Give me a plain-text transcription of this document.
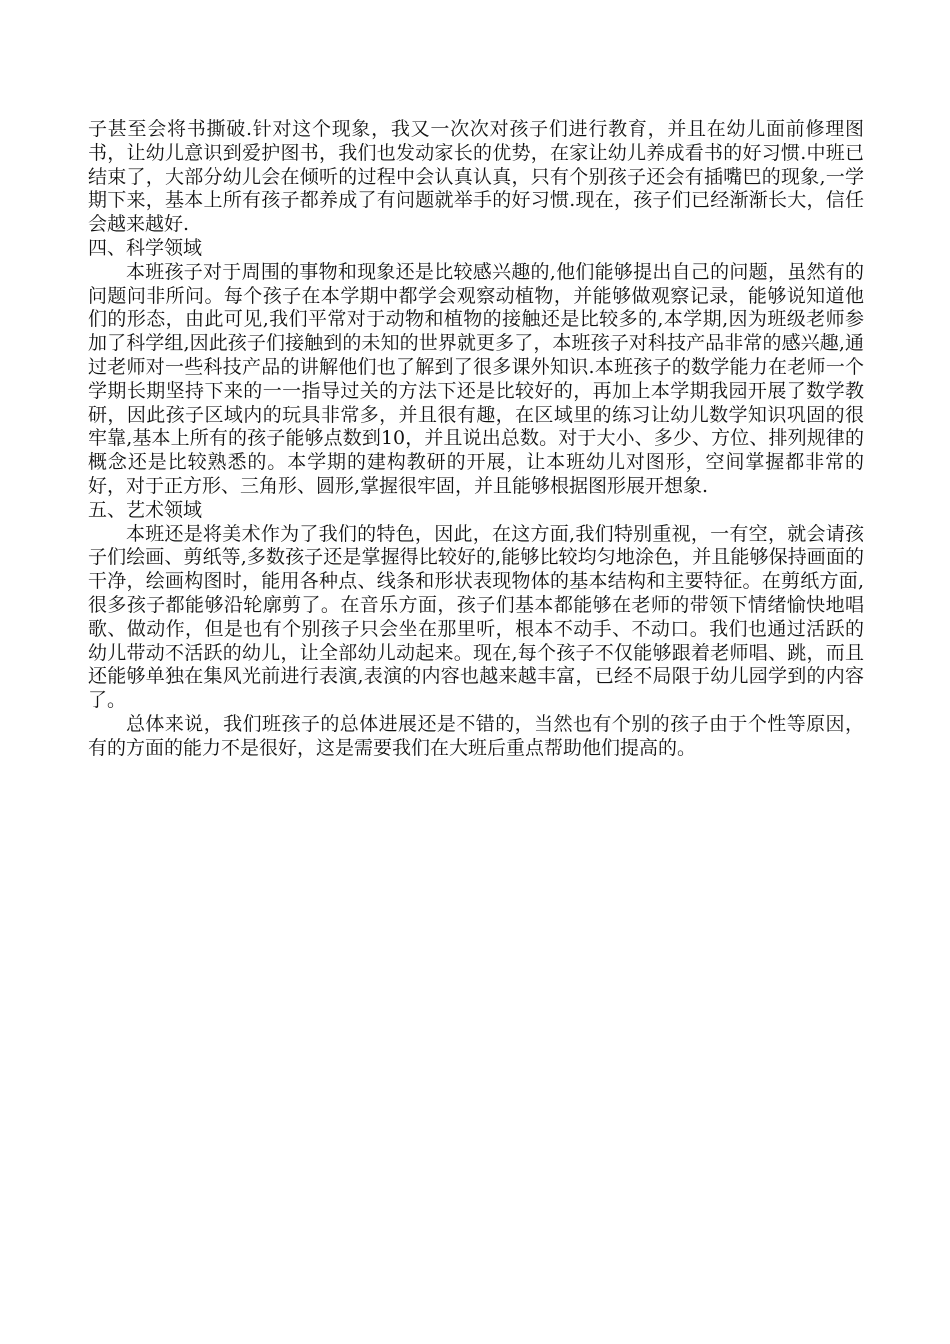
子甚至会将书撕破.针对这个现象，我又一次次对孩子们进行教育，并且在幼儿面前修理图书，让幼儿意识到爱护图书，我们也发动家长的优势，在家让幼儿养成看书的好习惯.中班已结束了，大部分幼儿会在倾听的过程中会认真认真，只有个别孩子还会有插嘴巴的现象,一学期下来，基本上所有孩子都养成了有问题就举手的好习惯.现在，孩子们已经渐渐长大，信任会越来越好.

四、科学领域

本班孩子对于周围的事物和现象还是比较感兴趣的,他们能够提出自己的问题，虽然有的问题问非所问。每个孩子在本学期中都学会观察动植物，并能够做观察记录，能够说知道他们的形态，由此可见,我们平常对于动物和植物的接触还是比较多的,本学期,因为班级老师参加了科学组,因此孩子们接触到的未知的世界就更多了，本班孩子对科技产品非常的感兴趣,通过老师对一些科技产品的讲解他们也了解到了很多课外知识.本班孩子的数学能力在老师一个学期长期坚持下来的一一指导过关的方法下还是比较好的，再加上本学期我园开展了数学教研，因此孩子区域内的玩具非常多，并且很有趣，在区域里的练习让幼儿数学知识巩固的很牢靠,基本上所有的孩子能够点数到10，并且说出总数。对于大小、多少、方位、排列规律的概念还是比较熟悉的。本学期的建构教研的开展，让本班幼儿对图形，空间掌握都非常的好，对于正方形、三角形、圆形,掌握很牢固，并且能够根据图形展开想象.

五、艺术领域

本班还是将美术作为了我们的特色，因此，在这方面,我们特别重视，一有空，就会请孩子们绘画、剪纸等,多数孩子还是掌握得比较好的,能够比较均匀地涂色，并且能够保持画面的干净，绘画构图时，能用各种点、线条和形状表现物体的基本结构和主要特征。在剪纸方面,很多孩子都能够沿轮廓剪了。在音乐方面，孩子们基本都能够在老师的带领下情绪愉快地唱歌、做动作，但是也有个别孩子只会坐在那里听，根本不动手、不动口。我们也通过活跃的幼儿带动不活跃的幼儿，让全部幼儿动起来。现在,每个孩子不仅能够跟着老师唱、跳，而且还能够单独在集风光前进行表演,表演的内容也越来越丰富，已经不局限于幼儿园学到的内容了。

总体来说，我们班孩子的总体进展还是不错的，当然也有个别的孩子由于个性等原因，有的方面的能力不是很好，这是需要我们在大班后重点帮助他们提高的。
